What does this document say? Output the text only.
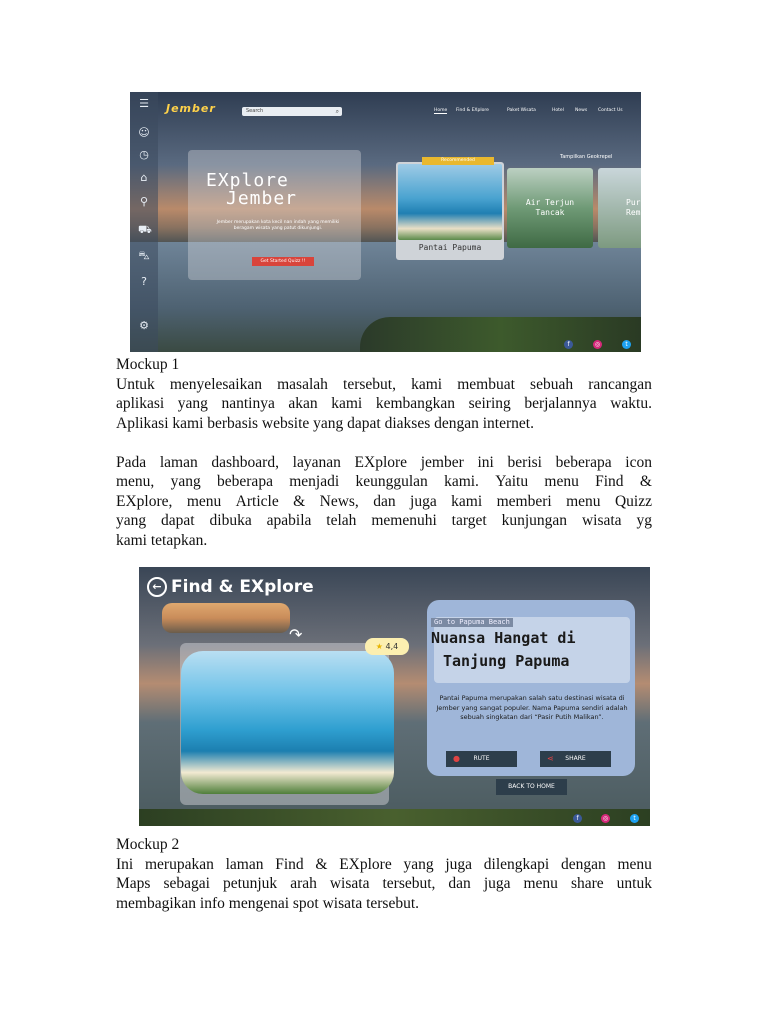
☰
☺
◷
⌂
⚲
⛟
⛍
?
⚙
Jember	Search	⌕	Home Find & EXplore	Paket Wisata	Hotel News Contact Us
EXplore
Jember
Jember merupakan kota kecil nan indah yang memiliki beragam wisata yang patut dikunjungi.
Get Started Quizz !!
Pantai Papuma
Recommended
Tampilkan Geokrepel
Air Terjun
Tancak
Pur
Remb
f	◎	t
Mockup 1
Untuk menyelesaikan masalah tersebut, kami membuat sebuah rancangan
aplikasi yang nantinya akan kami kembangkan seiring berjalannya waktu.
Aplikasi kami berbasis website yang dapat diakses dengan internet.
Pada laman dashboard, layanan EXplore jember ini berisi beberapa icon
menu, yang beberapa menjadi keunggulan kami. Yaitu menu Find &
EXplore, menu Article & News, dan juga kami memberi menu Quizz
yang dapat dibuka apabila telah memenuhi target kunjungan wisata yg
kami tetapkan.
← Find & EXplore
↷
★ 4,4
Go to Papuma Beach
Nuansa Hangat di
Tanjung Papuma
Pantai Papuma merupakan salah satu destinasi wisata di Jember yang sangat populer. Nama Papuma sendiri adalah sebuah singkatan dari “Pasir Putih Malikan”.
● RUTE	⋖ SHARE
BACK TO HOME
f	◎	t
Mockup 2
Ini merupakan laman Find & EXplore yang juga dilengkapi dengan menu
Maps sebagai petunjuk arah wisata tersebut, dan juga menu share untuk
membagikan info mengenai spot wisata tersebut.
